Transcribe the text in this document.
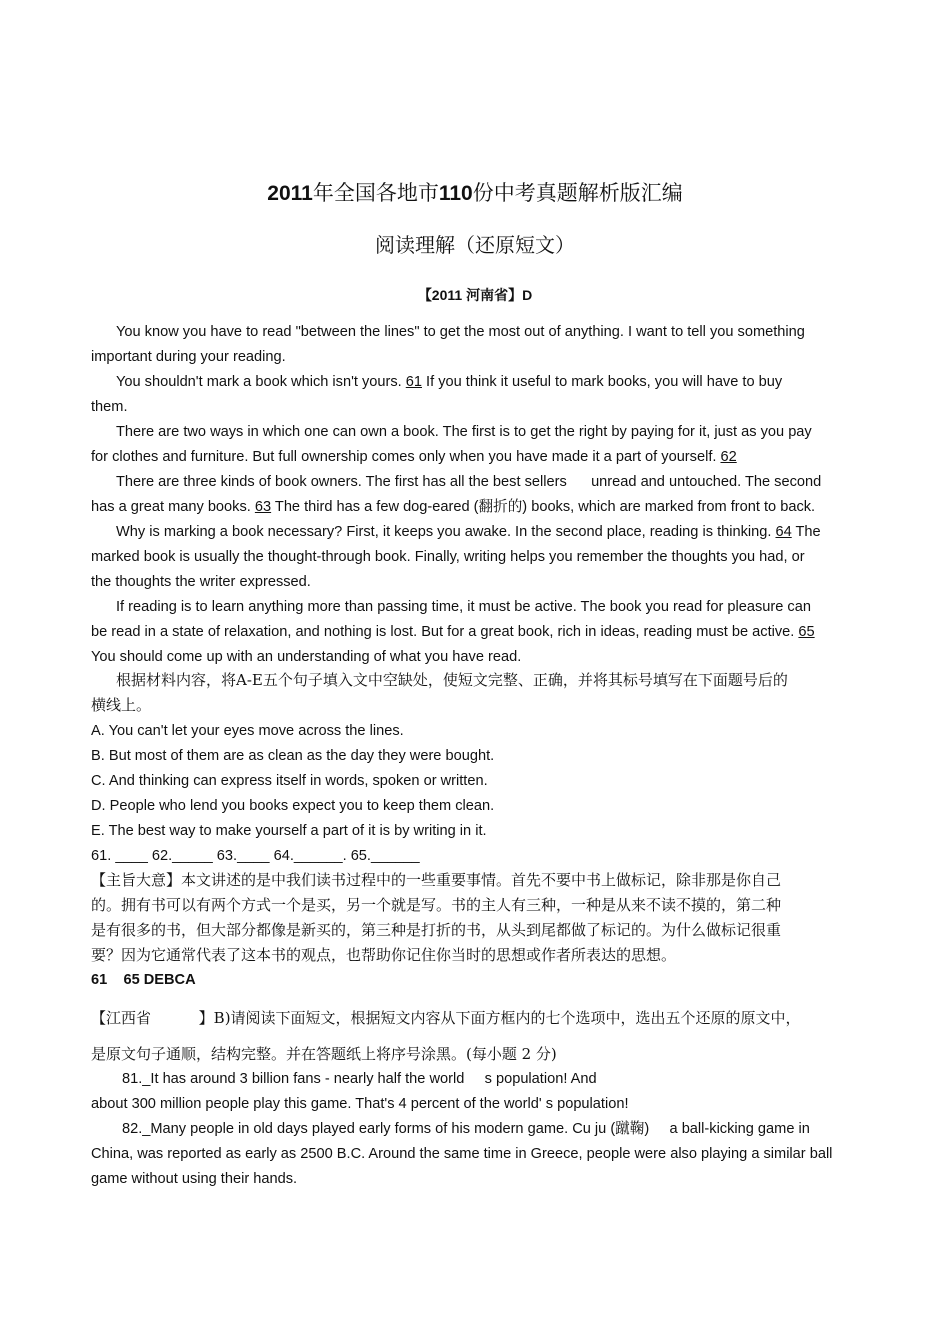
2011年全国各地市110份中考真题解析版汇编
阅读理解（还原短文）
【2011 河南省】D
You know you have to read "between the lines" to get the most out of anything. I want to tell you something
important during your reading.
You shouldn't mark a book which isn't yours. 61 If you think it useful to mark books, you will have to buy
them.
There are two ways in which one can own a book. The first is to get the right by paying for it, just as you pay
for clothes and furniture. But full ownership comes only when you have made it a part of yourself. 62
There are three kinds of book owners. The first has all the best sellers      unread and untouched. The second
has a great many books. 63 The third has a few dog-eared (翻折的) books, which are marked from front to back.
Why is marking a book necessary? First, it keeps you awake. In the second place, reading is thinking. 64 The
marked book is usually the thought-through book. Finally, writing helps you remember the thoughts you had, or
the thoughts the writer expressed.
If reading is to learn anything more than passing time, it must be active. The book you read for pleasure can
be read in a state of relaxation, and nothing is lost. But for a great book, rich in ideas, reading must be active. 65
You should come up with an understanding of what you have read.
根据材料内容，将A-E五个句子填入文中空缺处，使短文完整、正确，并将其标号填写在下面题号后的
横线上。
A. You can't let your eyes move across the lines.
B. But most of them are as clean as the day they were bought.
C. And thinking can express itself in words, spoken or written.
D. People who lend you books expect you to keep them clean.
E. The best way to make yourself a part of it is by writing in it.
61. ____ 62._____ 63.____ 64.______. 65.______
【主旨大意】本文讲述的是中我们读书过程中的一些重要事情。首先不要中书上做标记，除非那是你自己
的。拥有书可以有两个方式一个是买，另一个就是写。书的主人有三种，一种是从来不读不摸的，第二种
是有很多的书，但大部分都像是新买的，第三种是打折的书，从头到尾都做了标记的。为什么做标记很重
要？因为它通常代表了这本书的观点，也帮助你记住你当时的思想或作者所表达的思想。
61    65 DEBCA
【江西省          】B)请阅读下面短文，根据短文内容从下面方框内的七个选项中，选出五个还原的原文中，
是原文句子通顺，结构完整。并在答题纸上将序号涂黑。(每小题 2 分)
81._It has around 3 billion fans - nearly half the world     s population! And
about 300 million people play this game. That's 4 percent of the world' s population!
82._Many people in old days played early forms of his modern game. Cu ju (蹴鞠)     a ball-kicking game in
China, was reported as early as 2500 B.C. Around the same time in Greece, people were also playing a similar ball
game without using their hands.
